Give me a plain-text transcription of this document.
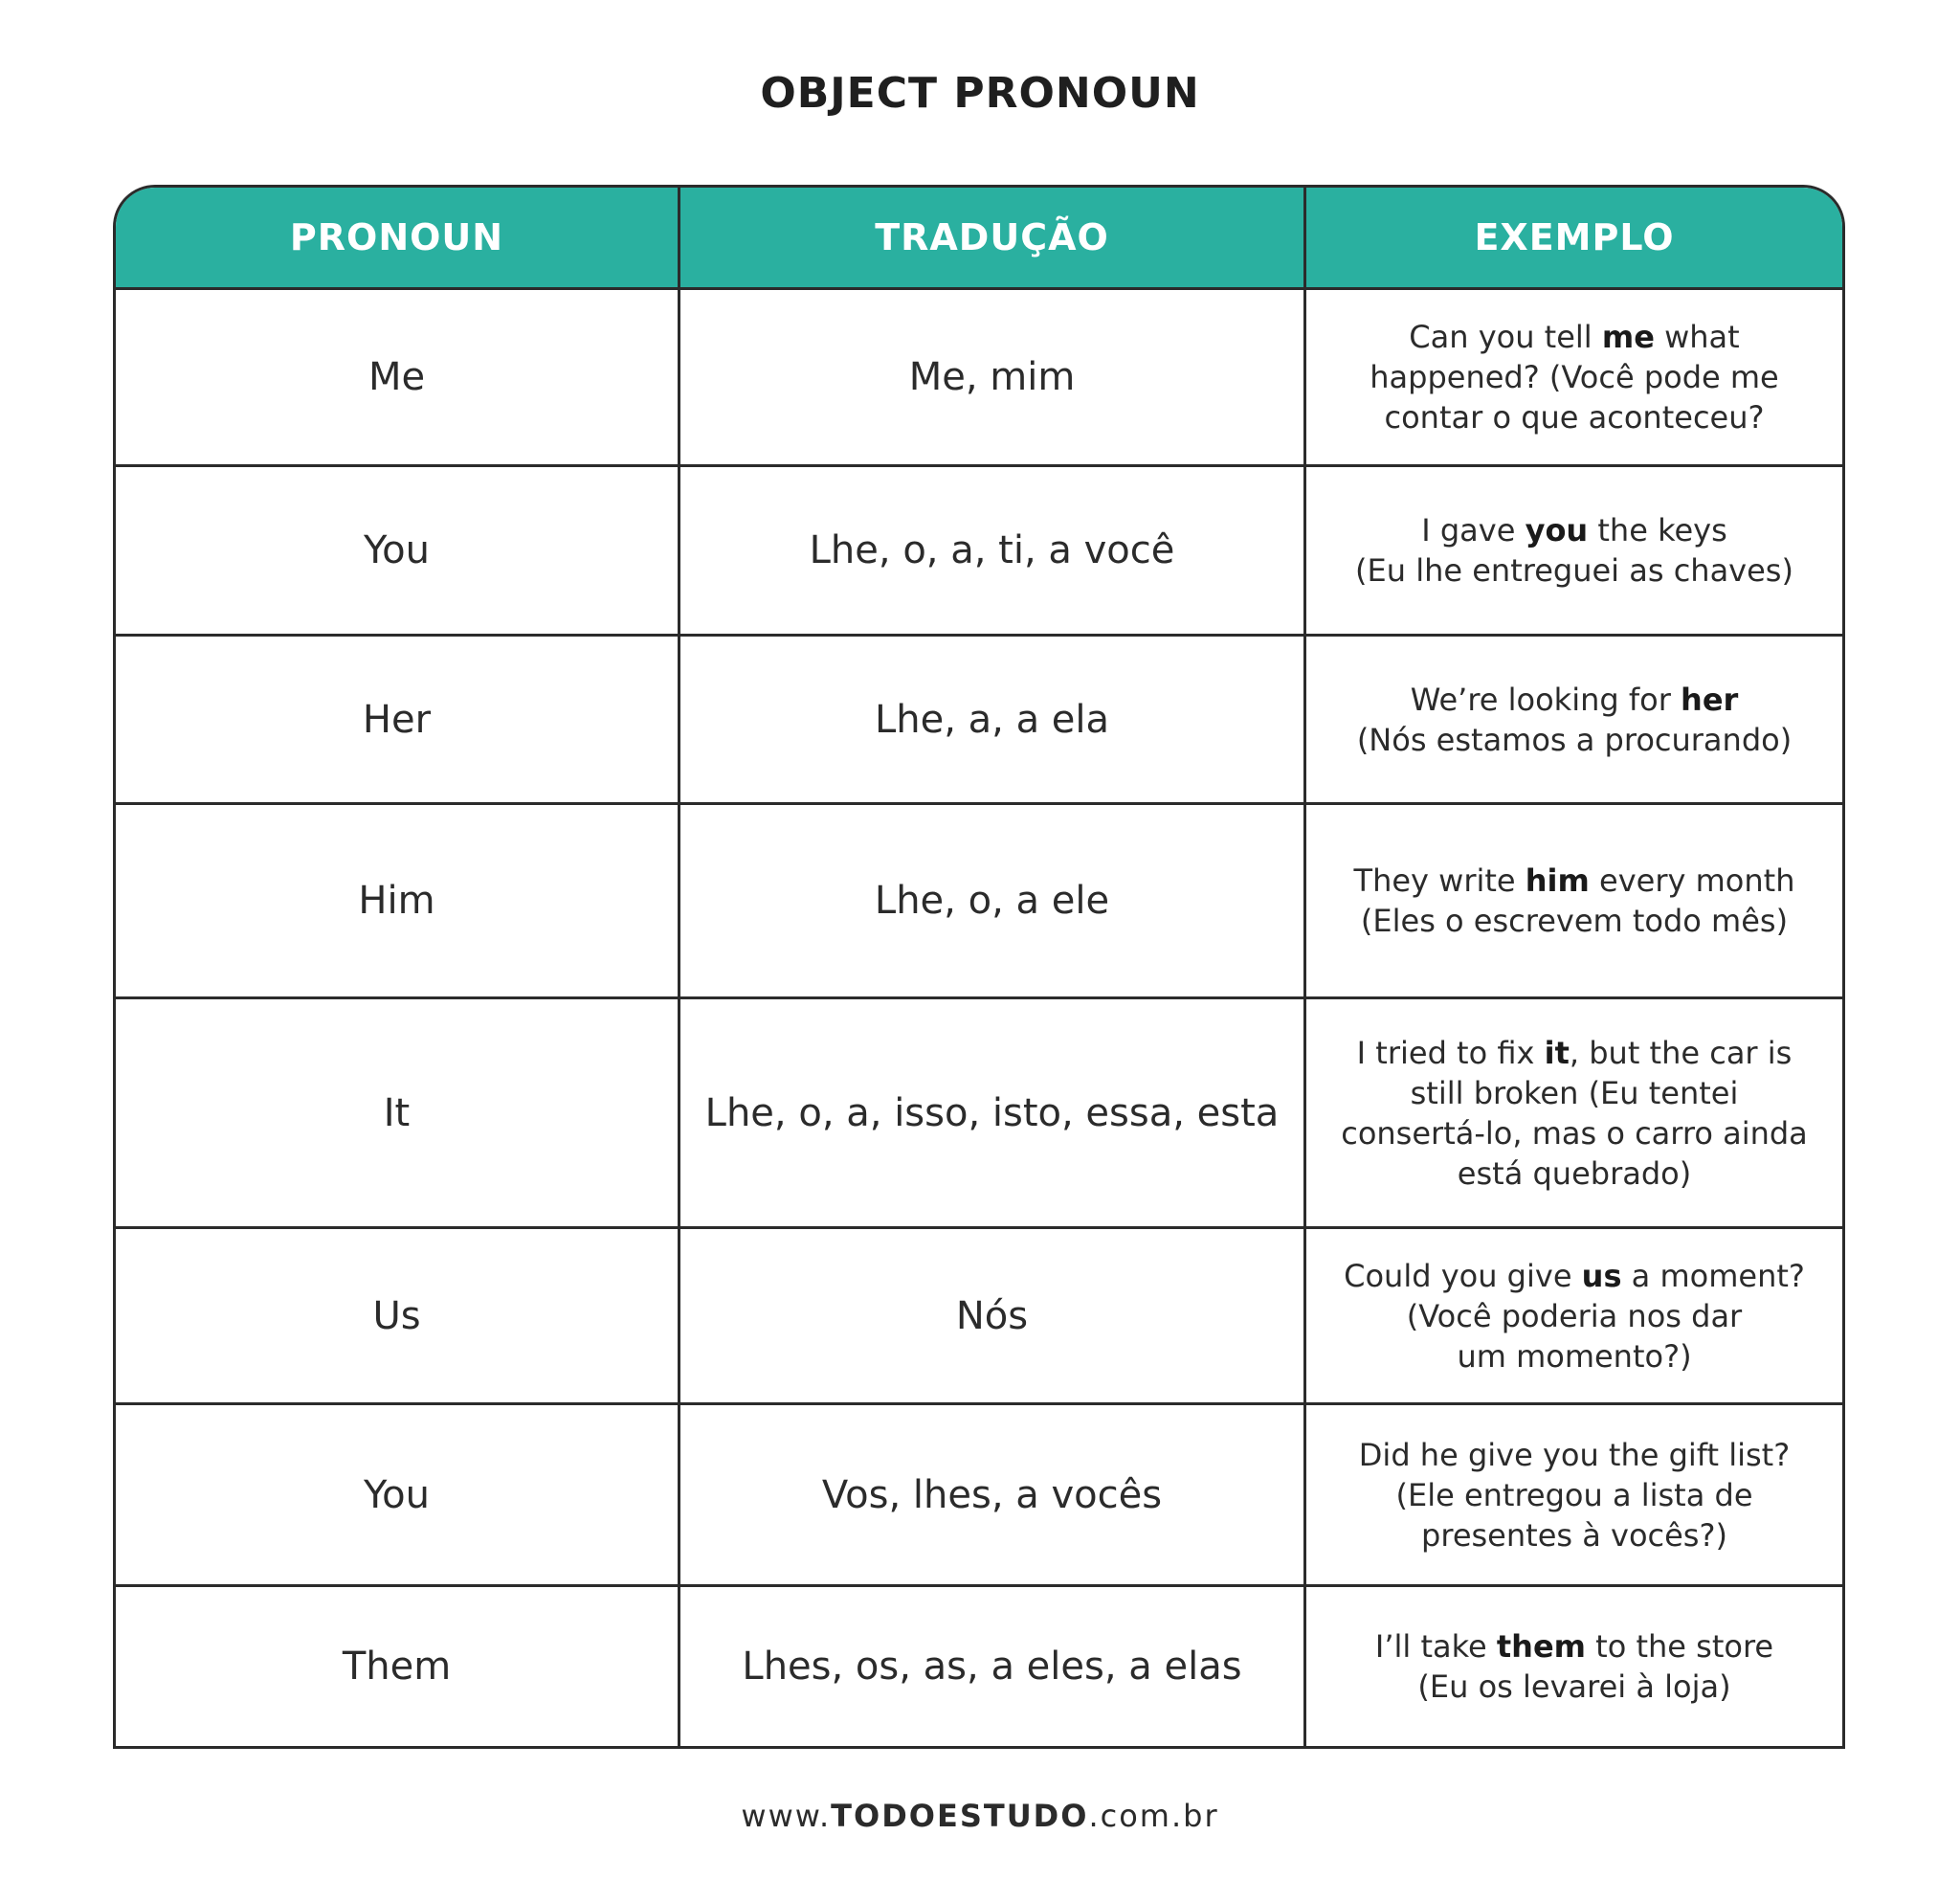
OBJECT PRONOUN
PRONOUN	TRADUÇÃO	EXEMPLO
Me	Me, mim	Can you tell me what
happened? (Você pode me
contar o que aconteceu?
You	Lhe, o, a, ti, a você	I gave you the keys
(Eu lhe entreguei as chaves)
Her	Lhe, a, a ela	We’re looking for her
(Nós estamos a procurando)
Him	Lhe, o, a ele	They write him every month
(Eles o escrevem todo mês)
It	Lhe, o, a, isso, isto, essa, esta	I tried to fix it, but the car is
still broken (Eu tentei
consertá-lo, mas o carro ainda
está quebrado)
Us	Nós	Could you give us a moment?
(Você poderia nos dar
um momento?)
You	Vos, lhes, a vocês	Did he give you the gift list?
(Ele entregou a lista de
presentes à vocês?)
Them	Lhes, os, as, a eles, a elas	I’ll take them to the store
(Eu os levarei à loja)
www.TODOESTUDO.com.br
